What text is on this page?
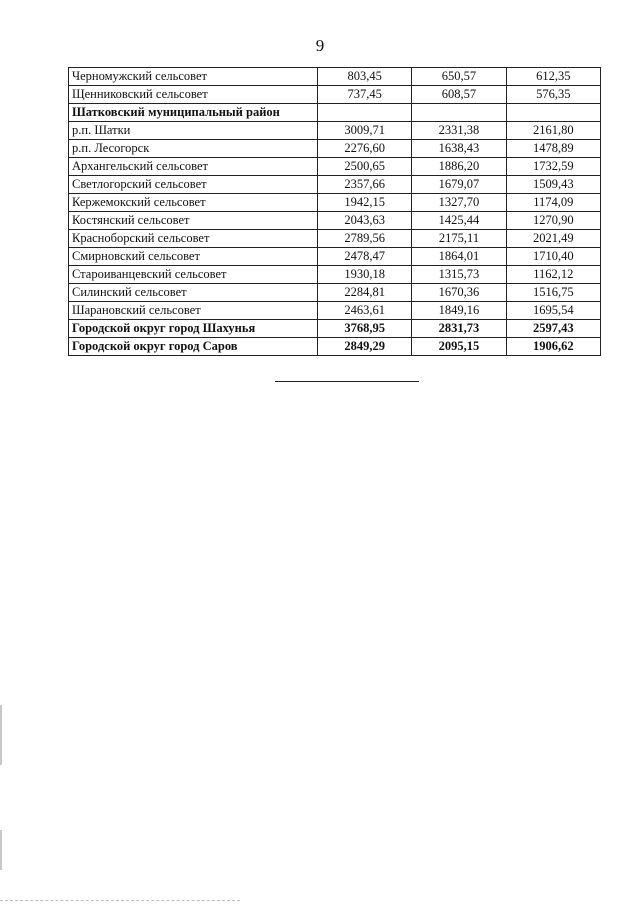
9
Черномужский сельсовет	803,45	650,57	612,35
Щенниковский сельсовет	737,45	608,57	576,35
Шатковский муниципальный район			
р.п. Шатки	3009,71	2331,38	2161,80
р.п. Лесогорск	2276,60	1638,43	1478,89
Архангельский сельсовет	2500,65	1886,20	1732,59
Светлогорский сельсовет	2357,66	1679,07	1509,43
Кержемокский сельсовет	1942,15	1327,70	1174,09
Костянский сельсовет	2043,63	1425,44	1270,90
Красноборский сельсовет	2789,56	2175,11	2021,49
Смирновский сельсовет	2478,47	1864,01	1710,40
Староиванцевский сельсовет	1930,18	1315,73	1162,12
Силинский сельсовет	2284,81	1670,36	1516,75
Шарановский сельсовет	2463,61	1849,16	1695,54
Городской округ город Шахунья	3768,95	2831,73	2597,43
Городской округ город Саров	2849,29	2095,15	1906,62
